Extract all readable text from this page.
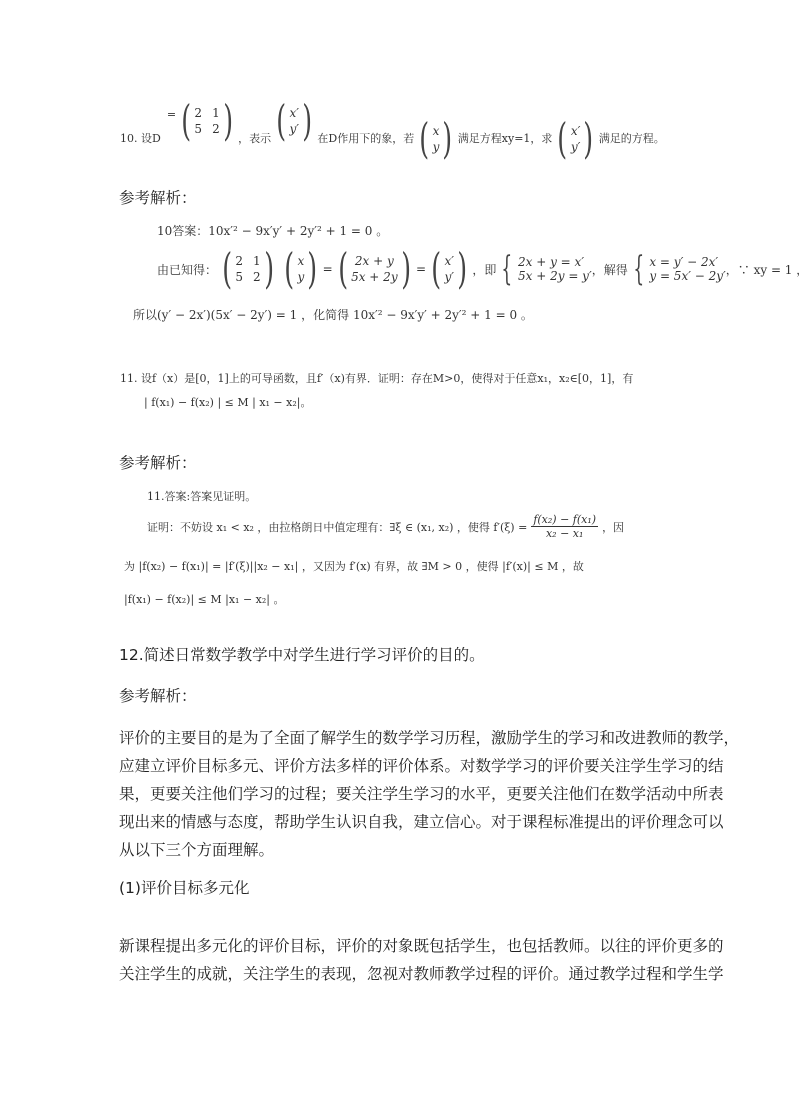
10. 设D
= ( 2 1
5 2 ) ，表示 ( x′
y′ ) 在D作用下的象，若 ( x
y ) 满足方程xy=1，求 ( x′
y′ ) 满足的方程。
参考解析：
10答案：10x′² − 9x′y′ + 2y′² + 1 = 0 。
由已知得： ( 2 1
5 2 ) ( x
y ) = ( 2x + y
5x + 2y ) = ( x′
y′ ) ，即 { 2x + y = x′
5x + 2y = y′ ，解得 { x = y′ − 2x′
y = 5x′ − 2y′ ，∵ xy = 1 ，
所以(y′ − 2x′)(5x′ − 2y′) = 1 ，化简得 10x′² − 9x′y′ + 2y′² + 1 = 0 。
11. 设f（x）是[0，1]上的可导函数，且f′（x)有界．证明：存在M>0，使得对于任意x₁，x₂∈[0，1]，有
| f(x₁) − f(x₂) | ≤ M | x₁ − x₂|。
参考解析：
11.答案:答案见证明。
证明：不妨设 x₁ < x₂ ，由拉格朗日中值定理有：∃ξ ∈ (x₁, x₂) ，使得 $f'(\xi) = \frac{\text{f(x₂) − f(x₁)}}{\text{x₂ − x₁}}$ ，因
为 |f(x₂) − f(x₁)| = |f′(ξ)||x₂ − x₁| ，又因为 f′(x) 有界，故 ∃M > 0 ，使得 |f′(x)| ≤ M ，故
|f(x₁) − f(x₂)| ≤ M |x₁ − x₂| 。
12.简述日常数学教学中对学生进行学习评价的目的。
参考解析：
评价的主要目的是为了全面了解学生的数学学习历程，激励学生的学习和改进教师的教学，
应建立评价目标多元、评价方法多样的评价体系。对数学学习的评价要关注学生学习的结
果，更要关注他们学习的过程；要关注学生学习的水平，更要关注他们在数学活动中所表
现出来的情感与态度，帮助学生认识自我，建立信心。对于课程标准提出的评价理念可以
从以下三个方面理解。
(1)评价目标多元化
新课程提出多元化的评价目标，评价的对象既包括学生，也包括教师。以往的评价更多的
关注学生的成就，关注学生的表现，忽视对教师教学过程的评价。通过教学过程和学生学
